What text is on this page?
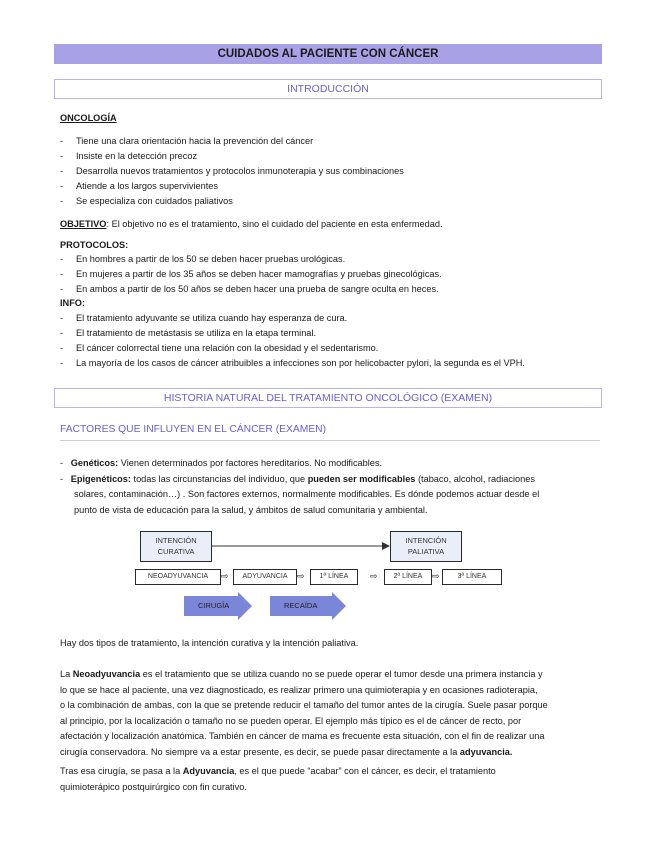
CUIDADOS AL PACIENTE CON CÁNCER
INTRODUCCIÓN
ONCOLOGÍA
- Tiene una clara orientación hacia la prevención del cáncer
- Insiste en la detección precoz
- Desarrolla nuevos tratamientos y protocolos inmunoterapia y sus combinaciones
- Atiende a los largos supervivientes
- Se especializa con cuidados paliativos
OBJETIVO: El objetivo no es el tratamiento, sino el cuidado del paciente en esta enfermedad.
PROTOCOLOS:
- En hombres a partir de los 50 se deben hacer pruebas urológicas.
- En mujeres a partir de los 35 años se deben hacer mamografías y pruebas ginecológicas.
- En ambos a partir de los 50 años se deben hacer una prueba de sangre oculta en heces.
INFO:
- El tratamiento adyuvante se utiliza cuando hay esperanza de cura.
- El tratamiento de metástasis se utiliza en la etapa terminal.
- El cáncer colorrectal tiene una relación con la obesidad y el sedentarismo.
- La mayoría de los casos de cáncer atribuibles a infecciones son por helicobacter pylori, la segunda es el VPH.
HISTORIA NATURAL DEL TRATAMIENTO ONCOLÓGICO (EXAMEN)
FACTORES QUE INFLUYEN EN EL CÁNCER (EXAMEN)
-   Genéticos: Vienen determinados por factores hereditarios. No modificables.
-   Epigenéticos: todas las circunstancias del individuo, que pueden ser modificables (tabaco, alcohol, radiaciones
solares, contaminación…) . Son factores externos, normalmente modificables. Es dónde podemos actuar desde el
punto de vista de educación para la salud, y ámbitos de salud comunitaria y ambiental.
INTENCIÓN CURATIVA
INTENCIÓN PALIATIVA
NEOADYUVANCIA	ADYUVANCIA	1ª LÍNEA	2ª LÍNEA	3ª LÍNEA
⇨	⇨	⇨	⇨
CIRUGÍA	RECAÍDA
Hay dos tipos de tratamiento, la intención curativa y la intención paliativa.
La Neoadyuvancia es el tratamiento que se utiliza cuando no se puede operar el tumor desde una primera instancia y
lo que se hace al paciente, una vez diagnosticado, es realizar primero una quimioterapia y en ocasiones radioterapia,
o la combinación de ambas, con la que se pretende reducir el tamaño del tumor antes de la cirugía. Suele pasar porque
al principio, por la localización o tamaño no se pueden operar. El ejemplo más típico es el de cáncer de recto, por
afectación y localización anatómica. También en cáncer de mama es frecuente esta situación, con el fin de realizar una
cirugía conservadora. No siempre va a estar presente, es decir, se puede pasar directamente a la adyuvancia.
Tras esa cirugía, se pasa a la Adyuvancia, es el que puede “acabar” con el cáncer, es decir, el tratamiento
quimioterápico postquirúrgico con fin curativo.
